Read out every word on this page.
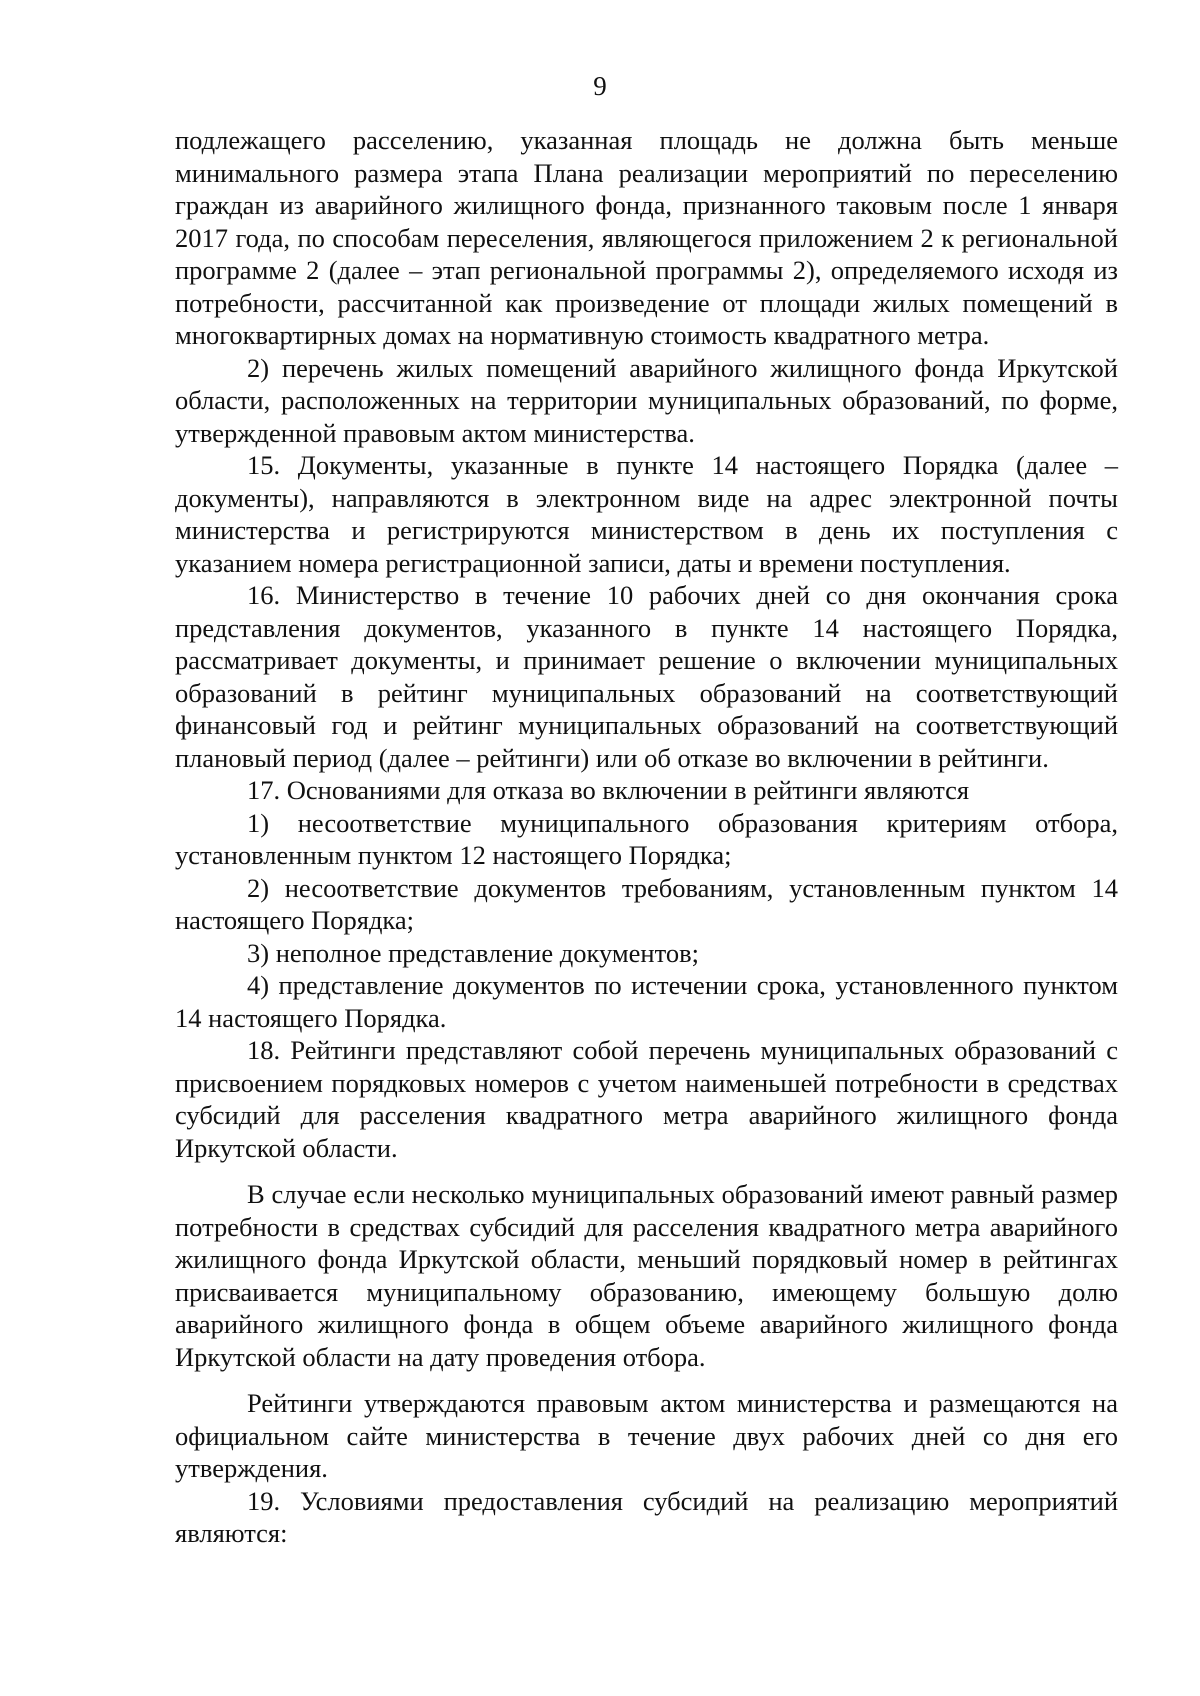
9

подлежащего расселению, указанная площадь не должна быть меньше минимального размера этапа Плана реализации мероприятий по переселению граждан из аварийного жилищного фонда, признанного таковым после 1 января 2017 года, по способам переселения, являющегося приложением 2 к региональной программе 2 (далее – этап региональной программы 2), определяемого исходя из потребности, рассчитанной как произведение от площади жилых помещений в многоквартирных домах на нормативную стоимость квадратного метра.

2) перечень жилых помещений аварийного жилищного фонда Иркутской области, расположенных на территории муниципальных образований, по форме, утвержденной правовым актом министерства.

15. Документы, указанные в пункте 14 настоящего Порядка (далее – документы), направляются в электронном виде на адрес электронной почты министерства и регистрируются министерством в день их поступления с указанием номера регистрационной записи, даты и времени поступления.

16. Министерство в течение 10 рабочих дней со дня окончания срока представления документов, указанного в пункте 14 настоящего Порядка, рассматривает документы, и принимает решение о включении муниципальных образований в рейтинг муниципальных образований на соответствующий финансовый год и рейтинг муниципальных образований на соответствующий плановый период (далее – рейтинги) или об отказе во включении в рейтинги.

17. Основаниями для отказа во включении в рейтинги являются

1) несоответствие муниципального образования критериям отбора, установленным пунктом 12 настоящего Порядка;

2) несоответствие документов требованиям, установленным пунктом 14 настоящего Порядка;

3) неполное представление документов;

4) представление документов по истечении срока, установленного пунктом 14 настоящего Порядка.

18. Рейтинги представляют собой перечень муниципальных образований с присвоением порядковых номеров с учетом наименьшей потребности в средствах субсидий для расселения квадратного метра аварийного жилищного фонда Иркутской области.

В случае если несколько муниципальных образований имеют равный размер потребности в средствах субсидий для расселения квадратного метра аварийного жилищного фонда Иркутской области, меньший порядковый номер в рейтингах присваивается муниципальному образованию, имеющему большую долю аварийного жилищного фонда в общем объеме аварийного жилищного фонда Иркутской области на дату проведения отбора.

Рейтинги утверждаются правовым актом министерства и размещаются на официальном сайте министерства в течение двух рабочих дней со дня его утверждения.

19. Условиями предоставления субсидий на реализацию мероприятий являются:
